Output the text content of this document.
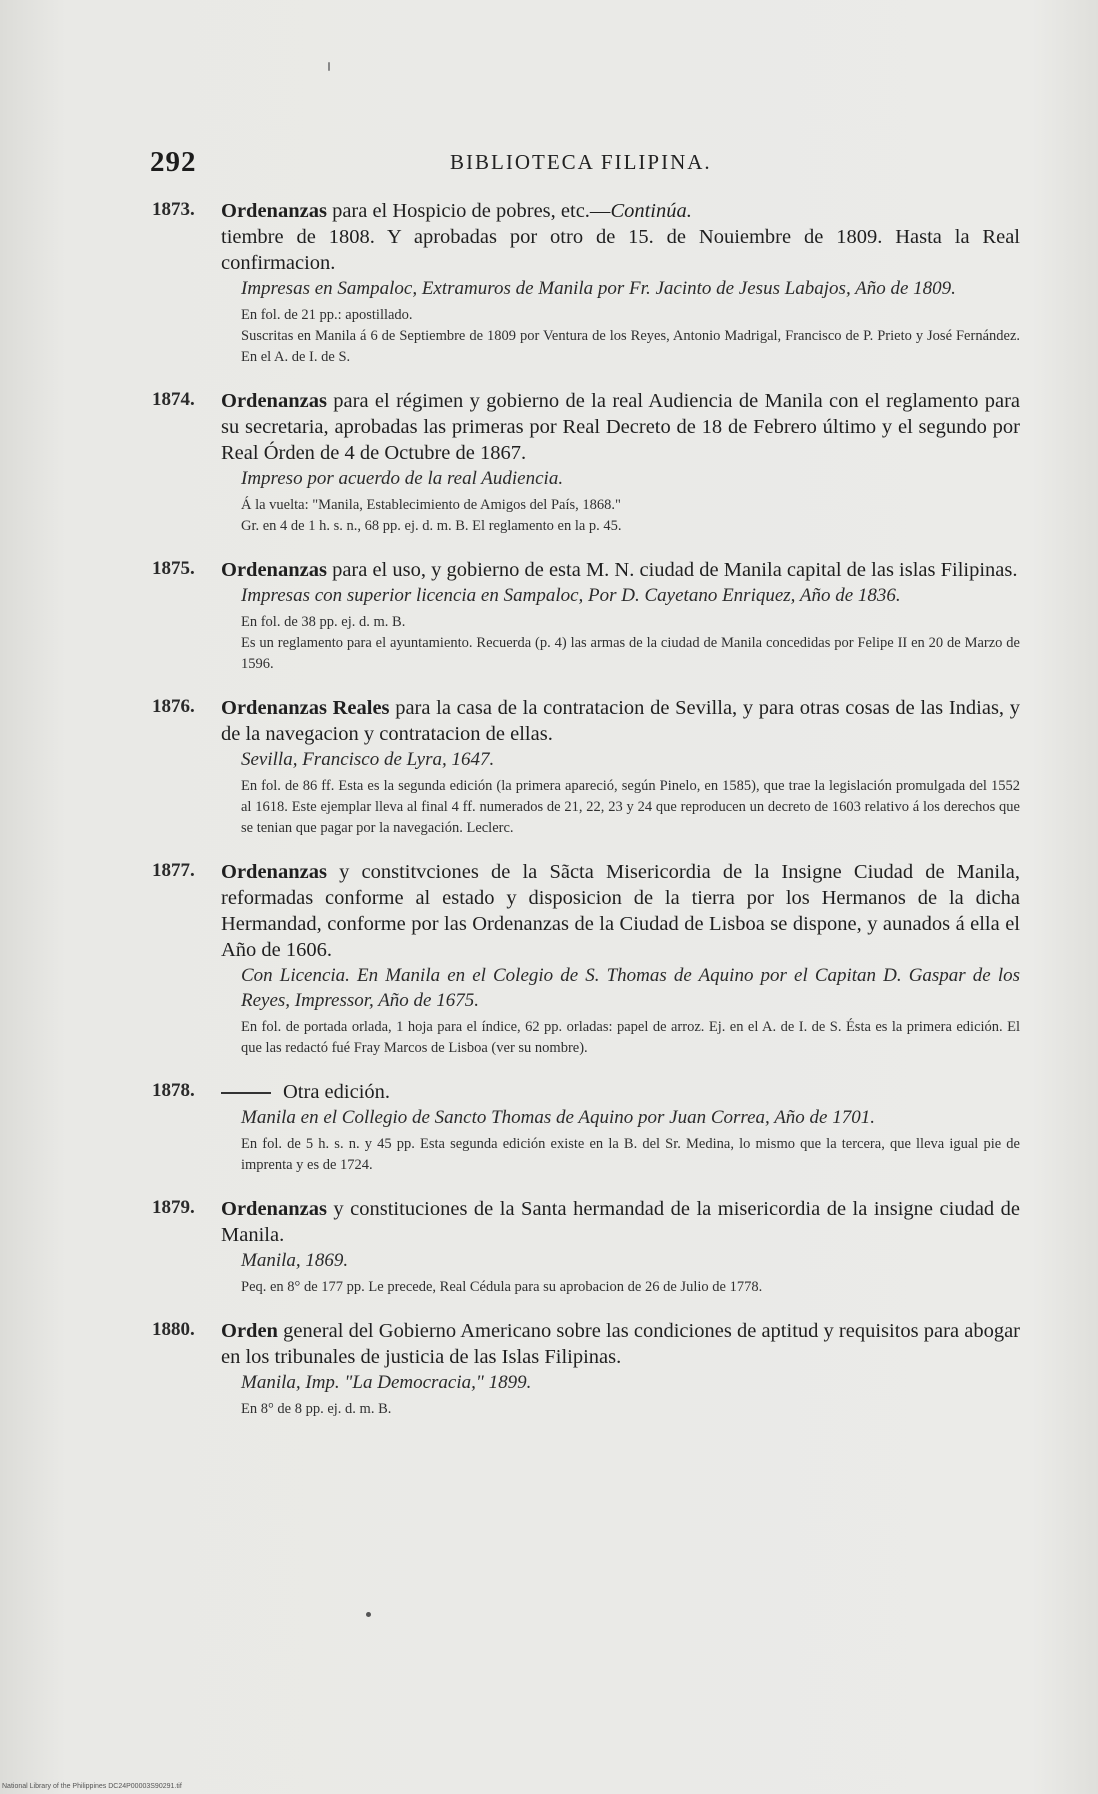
292	BIBLIOTECA FILIPINA.
1873.	Ordenanzas para el Hospicio de pobres, etc.—Continúa.
tiembre de 1808. Y aprobadas por otro de 15. de Nouiembre de 1809. Hasta la Real confirmacion.
Impresas en Sampaloc, Extramuros de Manila por Fr. Jacinto de Jesus Labajos, Año de 1809.
En fol. de 21 pp.: apostillado.
Suscritas en Manila á 6 de Septiembre de 1809 por Ventura de los Reyes, Antonio Madrigal, Francisco de P. Prieto y José Fernández. En el A. de I. de S.
1874.	Ordenanzas para el régimen y gobierno de la real Audiencia de Manila con el reglamento para su secretaria, aprobadas las primeras por Real Decreto de 18 de Febrero último y el segundo por Real Órden de 4 de Octubre de 1867.
Impreso por acuerdo de la real Audiencia.
Á la vuelta: "Manila, Establecimiento de Amigos del País, 1868."
Gr. en 4 de 1 h. s. n., 68 pp. ej. d. m. B. El reglamento en la p. 45.
1875.	Ordenanzas para el uso, y gobierno de esta M. N. ciudad de Manila capital de las islas Filipinas.
Impresas con superior licencia en Sampaloc, Por D. Cayetano Enriquez, Año de 1836.
En fol. de 38 pp. ej. d. m. B.
Es un reglamento para el ayuntamiento. Recuerda (p. 4) las armas de la ciudad de Manila concedidas por Felipe II en 20 de Marzo de 1596.
1876.	Ordenanzas Reales para la casa de la contratacion de Sevilla, y para otras cosas de las Indias, y de la navegacion y contratacion de ellas.
Sevilla, Francisco de Lyra, 1647.
En fol. de 86 ff. Esta es la segunda edición (la primera apareció, según Pinelo, en 1585), que trae la legislación promulgada del 1552 al 1618. Este ejemplar lleva al final 4 ff. numerados de 21, 22, 23 y 24 que reproducen un decreto de 1603 relativo á los derechos que se tenian que pagar por la navegación. Leclerc.
1877.	Ordenanzas y constitvciones de la Sãcta Misericordia de la Insigne Ciudad de Manila, reformadas conforme al estado y disposicion de la tierra por los Hermanos de la dicha Hermandad, conforme por las Ordenanzas de la Ciudad de Lisboa se dispone, y aunados á ella el Año de 1606.
Con Licencia. En Manila en el Colegio de S. Thomas de Aquino por el Capitan D. Gaspar de los Reyes, Impressor, Año de 1675.
En fol. de portada orlada, 1 hoja para el índice, 62 pp. orladas: papel de arroz. Ej. en el A. de I. de S. Ésta es la primera edición. El que las redactó fué Fray Marcos de Lisboa (ver su nombre).
1878.	Otra edición.
Manila en el Collegio de Sancto Thomas de Aquino por Juan Correa, Año de 1701.
En fol. de 5 h. s. n. y 45 pp. Esta segunda edición existe en la B. del Sr. Medina, lo mismo que la tercera, que lleva igual pie de imprenta y es de 1724.
1879.	Ordenanzas y constituciones de la Santa hermandad de la misericordia de la insigne ciudad de Manila.
Manila, 1869.
Peq. en 8° de 177 pp. Le precede, Real Cédula para su aprobacion de 26 de Julio de 1778.
1880.	Orden general del Gobierno Americano sobre las condiciones de aptitud y requisitos para abogar en los tribunales de justicia de las Islas Filipinas.
Manila, Imp. "La Democracia," 1899.
En 8° de 8 pp. ej. d. m. B.
National Library of the Philippines DC24P00003S90291.tif
